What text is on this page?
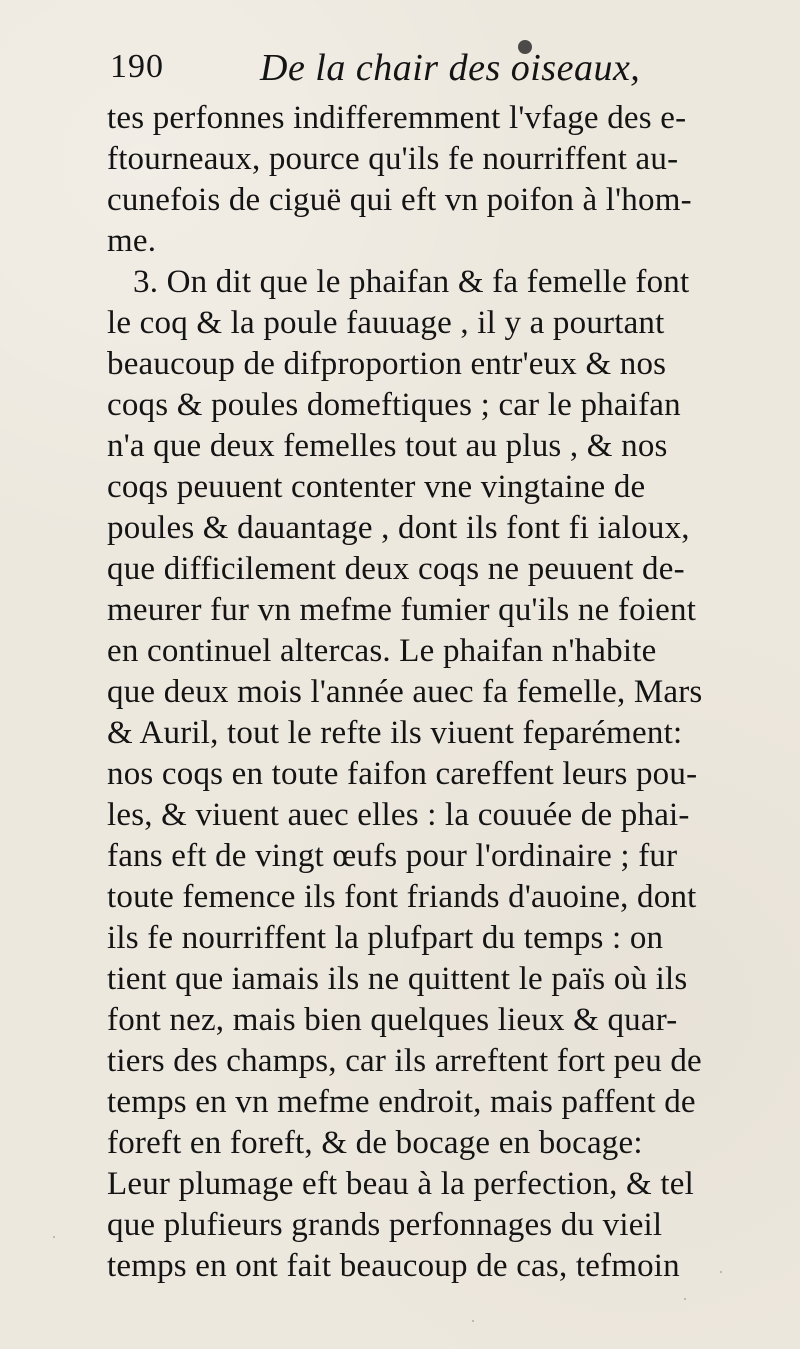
190	De la chair des oiseaux,
tes perfonnes indifferemment l'vfage des e-
ftourneaux, pource qu'ils fe nourriffent au-
cunefois de ciguë qui eft vn poifon à l'hom-
me.
3. On dit que le phaifan & fa femelle font
le coq & la poule fauuage , il y a pourtant
beaucoup de difproportion entr'eux & nos
coqs & poules domeftiques ; car le phaifan
n'a que deux femelles tout au plus , & nos
coqs peuuent contenter vne vingtaine de
poules & dauantage , dont ils font fi ialoux,
que difficilement deux coqs ne peuuent de-
meurer fur vn mefme fumier qu'ils ne foient
en continuel altercas. Le phaifan n'habite
que deux mois l'année auec fa femelle, Mars
& Auril, tout le refte ils viuent feparément:
nos coqs en toute faifon careffent leurs pou-
les, & viuent auec elles : la couuée de phai-
fans eft de vingt œufs pour l'ordinaire ; fur
toute femence ils font friands d'auoine, dont
ils fe nourriffent la plufpart du temps : on
tient que iamais ils ne quittent le païs où ils
font nez, mais bien quelques lieux & quar-
tiers des champs, car ils arreftent fort peu de
temps en vn mefme endroit, mais paffent de
foreft en foreft, & de bocage en bocage:
Leur plumage eft beau à la perfection, & tel
que plufieurs grands perfonnages du vieil
temps en ont fait beaucoup de cas, tefmoin
